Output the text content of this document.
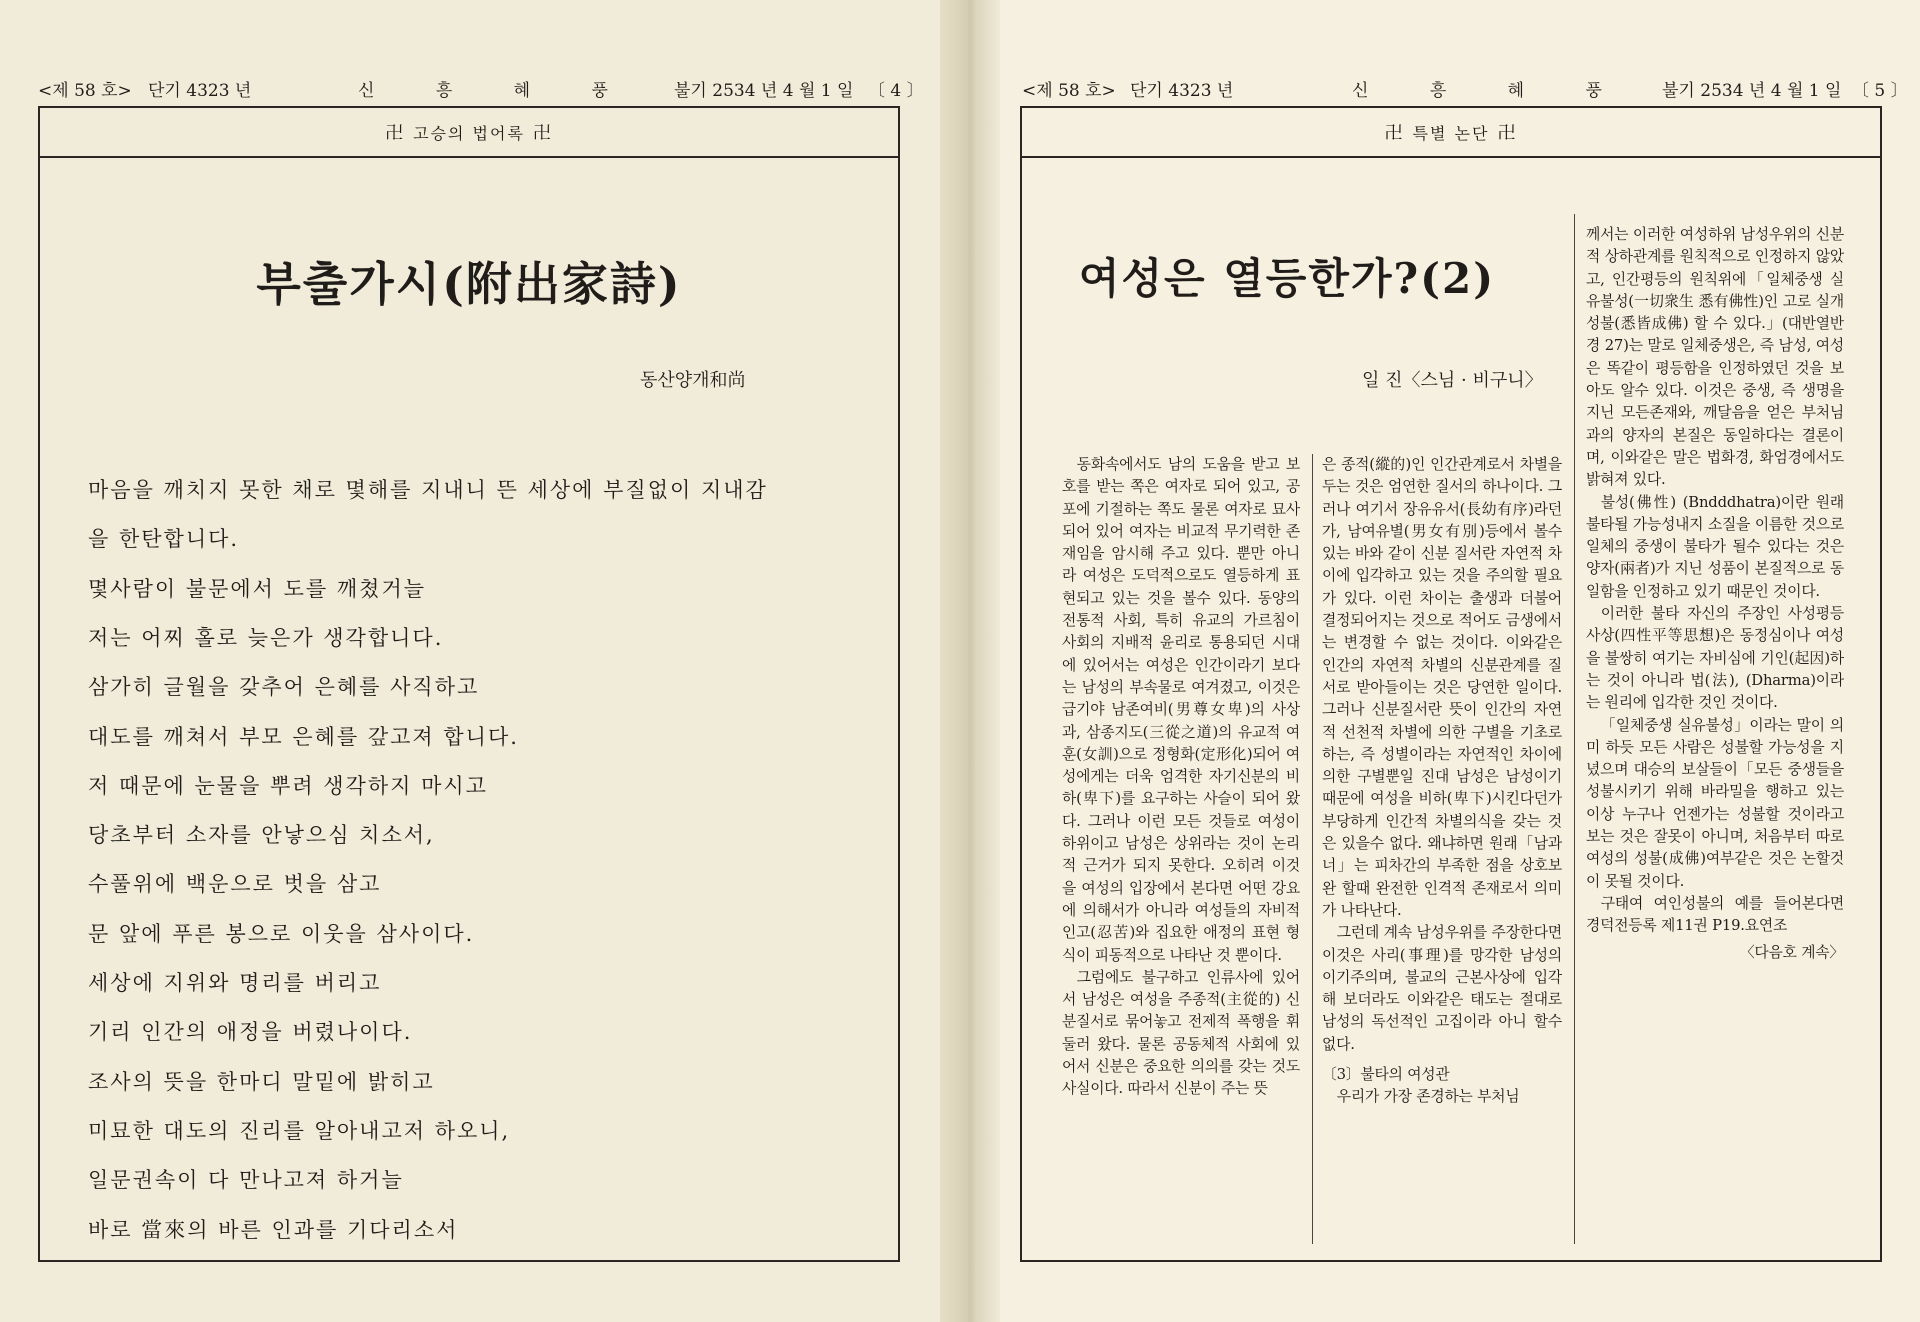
<제 58 호> 단기 4323 년	신 흥 혜 풍 불기 2534 년 4 월 1 일 〔 4 〕
卍 고승의 법어록 卍
부출가시(附出家詩)
동산양개和尚
마음을 깨치지 못한 채로 몇해를 지내니 뜬 세상에 부질없이 지내감
을 한탄합니다.
몇사람이 불문에서 도를 깨쳤거늘
저는 어찌 홀로 늦은가 생각합니다.
삼가히 글월을 갖추어 은혜를 사직하고
대도를 깨쳐서 부모 은혜를 갚고져 합니다.
저 때문에 눈물을 뿌려 생각하지 마시고
당초부터 소자를 안낳으심 치소서,
수풀위에 백운으로 벗을 삼고
문 앞에 푸른 봉으로 이웃을 삼사이다.
세상에 지위와 명리를 버리고
기리 인간의 애정을 버렸나이다.
조사의 뜻을 한마디 말밑에 밝히고
미묘한 대도의 진리를 알아내고저 하오니,
일문권속이 다 만나고져 하거늘
바로 當來의 바른 인과를 기다리소서
<제 58 호> 단기 4323 년	신 흥 혜 풍 불기 2534 년 4 월 1 일 〔 5 〕
卍 특별 논단 卍
여성은 열등한가?(2)
일 진〈스님 · 비구니〉

동화속에서도 남의 도움을 받고 보호를 받는 쪽은 여자로 되어 있고, 공포에 기절하는 쪽도 물론 여자로 묘사되어 있어 여자는 비교적 무기력한 존재임을 암시해 주고 있다. 뿐만 아니라 여성은 도덕적으로도 열등하게 표현되고 있는 것을 볼수 있다. 동양의 전통적 사회, 특히 유교의 가르침이 사회의 지배적 윤리로 통용되던 시대에 있어서는 여성은 인간이라기 보다는 남성의 부속물로 여겨졌고, 이것은 급기야 남존여비(男尊女卑)의 사상과, 삼종지도(三從之道)의 유교적 여훈(女訓)으로 정형화(定形化)되어 여성에게는 더욱 엄격한 자기신분의 비하(卑下)를 요구하는 사슬이 되어 왔다. 그러나 이런 모든 것들로 여성이 하위이고 남성은 상위라는 것이 논리적 근거가 되지 못한다. 오히려 이것을 여성의 입장에서 본다면 어떤 강요에 의해서가 아니라 여성들의 자비적 인고(忍苦)와 집요한 애정의 표현 형식이 피동적으로 나타난 것 뿐이다.

그럼에도 불구하고 인류사에 있어서 남성은 여성을 주종적(主從的) 신분질서로 묶어놓고 전제적 폭행을 휘둘러 왔다. 물론 공동체적 사회에 있어서 신분은 중요한 의의를 갖는 것도 사실이다. 따라서 신분이 주는 뜻

은 종적(縱的)인 인간관계로서 차별을 두는 것은 엄연한 질서의 하나이다. 그러나 여기서 장유유서(長幼有序)라던가, 남여유별(男女有別)등에서 볼수 있는 바와 같이 신분 질서란 자연적 차이에 입각하고 있는 것을 주의할 필요가 있다. 이런 차이는 출생과 더불어 결정되어지는 것으로 적어도 금생에서는 변경할 수 없는 것이다. 이와같은 인간의 자연적 차별의 신분관계를 질서로 받아들이는 것은 당연한 일이다. 그러나 신분질서란 뜻이 인간의 자연적 선천적 차별에 의한 구별을 기초로 하는, 즉 성별이라는 자연적인 차이에 의한 구별뿐일 진대 남성은 남성이기 때문에 여성을 비하(卑下)시킨다던가 부당하게 인간적 차별의식을 갖는 것은 있을수 없다. 왜냐하면 원래「남과 너」는 피차간의 부족한 점을 상호보완 할때 완전한 인격적 존재로서 의미가 나타난다.

그런데 계속 남성우위를 주장한다면 이것은 사리(事理)를 망각한 남성의 이기주의며, 불교의 근본사상에 입각해 보더라도 이와같은 태도는 절대로 남성의 독선적인 고집이라 아니 할수 없다.

〔3〕불타의 여성관

우리가 가장 존경하는 부처님

께서는 이러한 여성하위 남성우위의 신분적 상하관계를 원칙적으로 인정하지 않았고, 인간평등의 원칙위에「일체중생 실유불성(一切衆生 悉有佛性)인 고로 실개성불(悉皆成佛) 할 수 있다.」(대반열반경 27)는 말로 일체중생은, 즉 남성, 여성은 똑같이 평등함을 인정하였던 것을 보아도 알수 있다. 이것은 중생, 즉 생명을 지닌 모든존재와, 깨달음을 얻은 부처님과의 양자의 본질은 동일하다는 결론이며, 이와같은 말은 법화경, 화엄경에서도 밝혀져 있다.

불성(佛性) (Bndddhatra)이란 원래 불타될 가능성내지 소질을 이름한 것으로 일체의 중생이 불타가 될수 있다는 것은 양자(兩者)가 지닌 성품이 본질적으로 동일함을 인정하고 있기 때문인 것이다.

이러한 불타 자신의 주장인 사성평등사상(四性平等思想)은 동정심이나 여성을 불쌍히 여기는 자비심에 기인(起因)하는 것이 아니라 법(法), (Dharma)이라는 원리에 입각한 것인 것이다.

「일체중생 실유불성」이라는 말이 의미 하듯 모든 사람은 성불할 가능성을 지녔으며 대승의 보살들이「모든 중생들을 성불시키기 위해 바라밀을 행하고 있는 이상 누구나 언젠가는 성불할 것이라고 보는 것은 잘못이 아니며, 처음부터 따로 여성의 성불(成佛)여부같은 것은 논할것이 못될 것이다.

구태여 여인성불의 예를 들어본다면 경덕전등록 제11권 P19.요연조

〈다음호 계속〉
